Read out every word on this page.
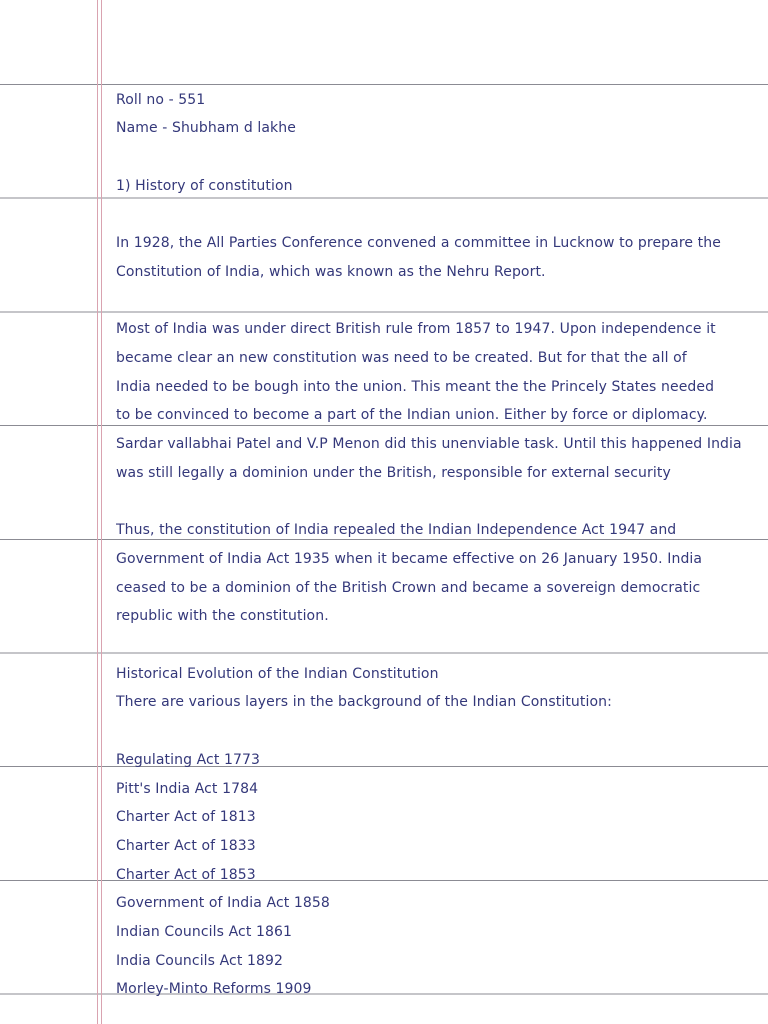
Roll no - 551
Name - Shubham d lakhe
1) History of constitution
In 1928, the All Parties Conference convened a committee in Lucknow to prepare the
Constitution of India, which was known as the Nehru Report.
Most of India was under direct British rule from 1857 to 1947. Upon independence it
became clear an new constitution was need to be created. But for that the all of
India needed to be bough into the union. This meant the the Princely States needed
to be convinced to become a part of the Indian union. Either by force or diplomacy.
Sardar vallabhai Patel and V.P Menon did this unenviable task. Until this happened India
was still legally a dominion under the British, responsible for external security
Thus, the constitution of India repealed the Indian Independence Act 1947 and
Government of India Act 1935 when it became effective on 26 January 1950. India
ceased to be a dominion of the British Crown and became a sovereign democratic
republic with the constitution.
Historical Evolution of the Indian Constitution
There are various layers in the background of the Indian Constitution:
Regulating Act 1773
Pitt's India Act 1784
Charter Act of 1813
Charter Act of 1833
Charter Act of 1853
Government of India Act 1858
Indian Councils Act 1861
India Councils Act 1892
Morley-Minto Reforms 1909
